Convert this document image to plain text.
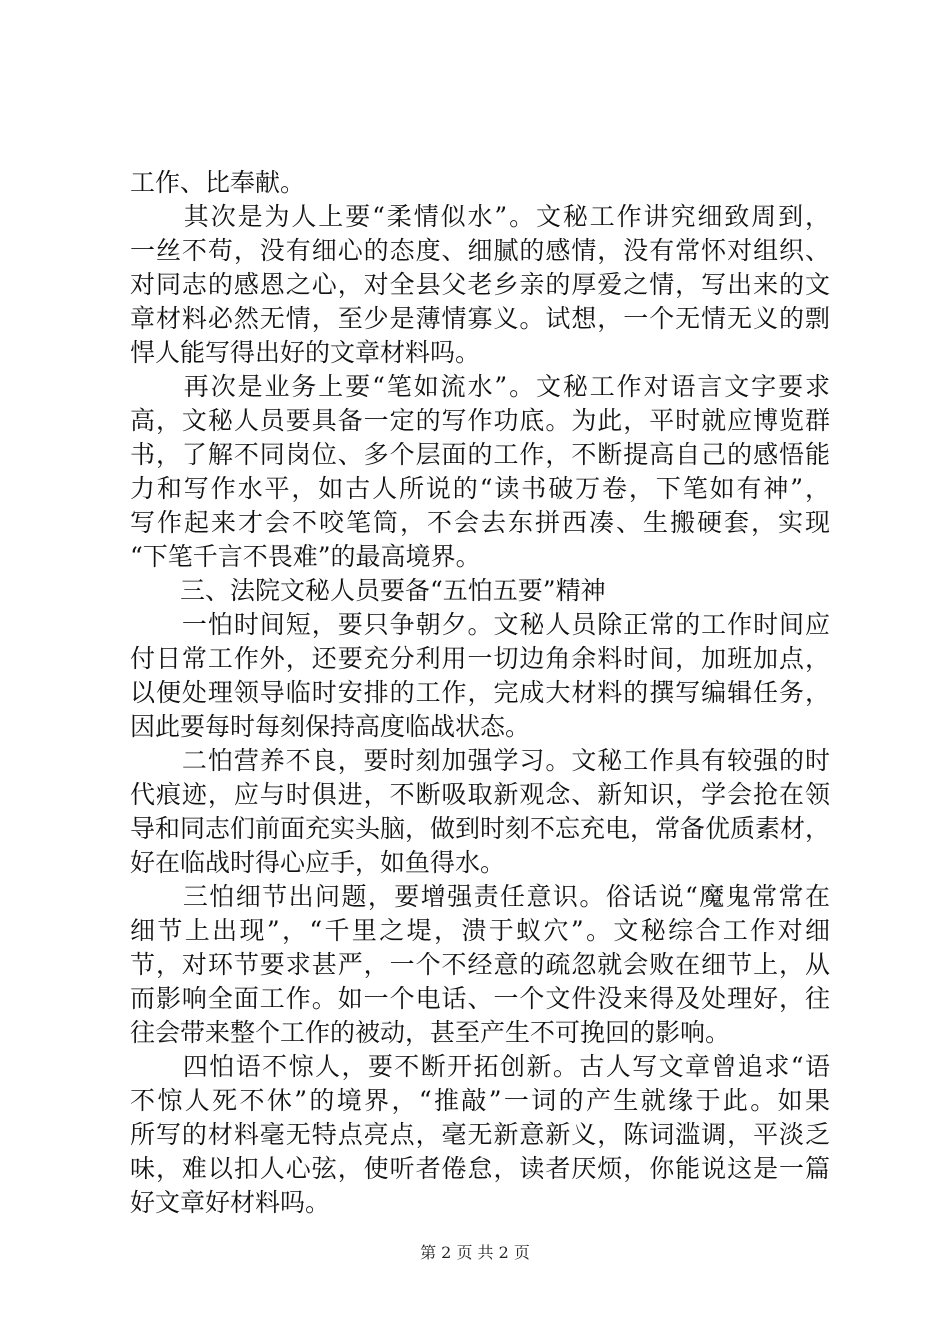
工作、比奉献。
　　其次是为人上要“柔情似水”。文秘工作讲究细致周到，
一丝不苟，没有细心的态度、细腻的感情，没有常怀对组织、
对同志的感恩之心，对全县父老乡亲的厚爱之情，写出来的文
章材料必然无情，至少是薄情寡义。试想，一个无情无义的剽
悍人能写得出好的文章材料吗。
　　再次是业务上要“笔如流水”。文秘工作对语言文字要求
高，文秘人员要具备一定的写作功底。为此，平时就应博览群
书，了解不同岗位、多个层面的工作，不断提高自己的感悟能
力和写作水平，如古人所说的“读书破万卷，下笔如有神”，
写作起来才会不咬笔筒，不会去东拼西凑、生搬硬套，实现
“下笔千言不畏难”的最高境界。
　　三、法院文秘人员要备“五怕五要”精神
　　一怕时间短，要只争朝夕。文秘人员除正常的工作时间应
付日常工作外，还要充分利用一切边角余料时间，加班加点，
以便处理领导临时安排的工作，完成大材料的撰写编辑任务，
因此要每时每刻保持高度临战状态。
　　二怕营养不良，要时刻加强学习。文秘工作具有较强的时
代痕迹，应与时俱进，不断吸取新观念、新知识，学会抢在领
导和同志们前面充实头脑，做到时刻不忘充电，常备优质素材，
好在临战时得心应手，如鱼得水。
　　三怕细节出问题，要增强责任意识。俗话说“魔鬼常常在
细节上出现”，“千里之堤，溃于蚁穴”。文秘综合工作对细
节，对环节要求甚严，一个不经意的疏忽就会败在细节上，从
而影响全面工作。如一个电话、一个文件没来得及处理好，往
往会带来整个工作的被动，甚至产生不可挽回的影响。
　　四怕语不惊人，要不断开拓创新。古人写文章曾追求“语
不惊人死不休”的境界，“推敲”一词的产生就缘于此。如果
所写的材料毫无特点亮点，毫无新意新义，陈词滥调，平淡乏
味，难以扣人心弦，使听者倦怠，读者厌烦，你能说这是一篇
好文章好材料吗。
第 2 页 共 2 页
